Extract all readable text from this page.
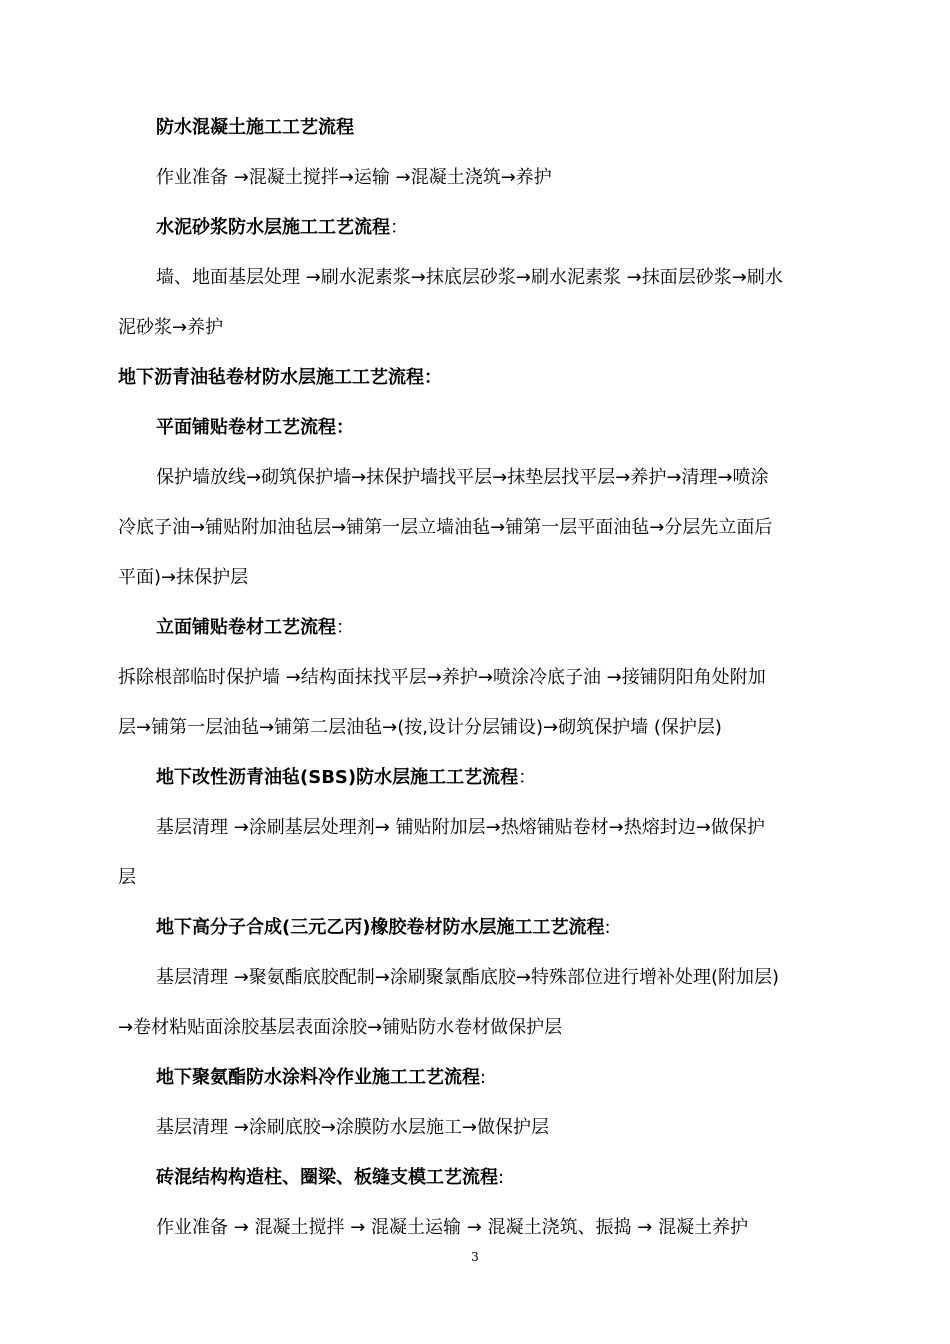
防水混凝土施工工艺流程
作业准备 →混凝土搅拌→运输 →混凝土浇筑→养护
水泥砂浆防水层施工工艺流程：
墙、地面基层处理 →刷水泥素浆→抹底层砂浆→刷水泥素浆 →抹面层砂浆→刷水
泥砂浆→养护
地下沥青油毡卷材防水层施工工艺流程：
平面铺贴卷材工艺流程：
保护墙放线→砌筑保护墙→抹保护墙找平层→抹垫层找平层→养护→清理→喷涂
冷底子油→铺贴附加油毡层→铺第一层立墙油毡→铺第一层平面油毡→分层先立面后
平面)→抹保护层
立面铺贴卷材工艺流程：
拆除根部临时保护墙 →结构面抹找平层→养护→喷涂冷底子油 →接铺阴阳角处附加
层→铺第一层油毡→铺第二层油毡→(按,设计分层铺设)→砌筑保护墙 (保护层)
地下改性沥青油毡(SBS)防水层施工工艺流程：
基层清理 →涂刷基层处理剂→ 铺贴附加层→热熔铺贴卷材→热熔封边→做保护
层
地下高分子合成(三元乙丙)橡胶卷材防水层施工工艺流程:
基层清理 →聚氨酯底胶配制→涂刷聚氯酯底胶→特殊部位进行增补处理(附加层)
→卷材粘贴面涂胶基层表面涂胶→铺贴防水卷材做保护层
地下聚氨酯防水涂料冷作业施工工艺流程:
基层清理 →涂刷底胶→涂膜防水层施工→做保护层
砖混结构构造柱、圈梁、板缝支模工艺流程:
作业准备 → 混凝土搅拌 → 混凝土运输 → 混凝土浇筑、振捣 → 混凝土养护
3
